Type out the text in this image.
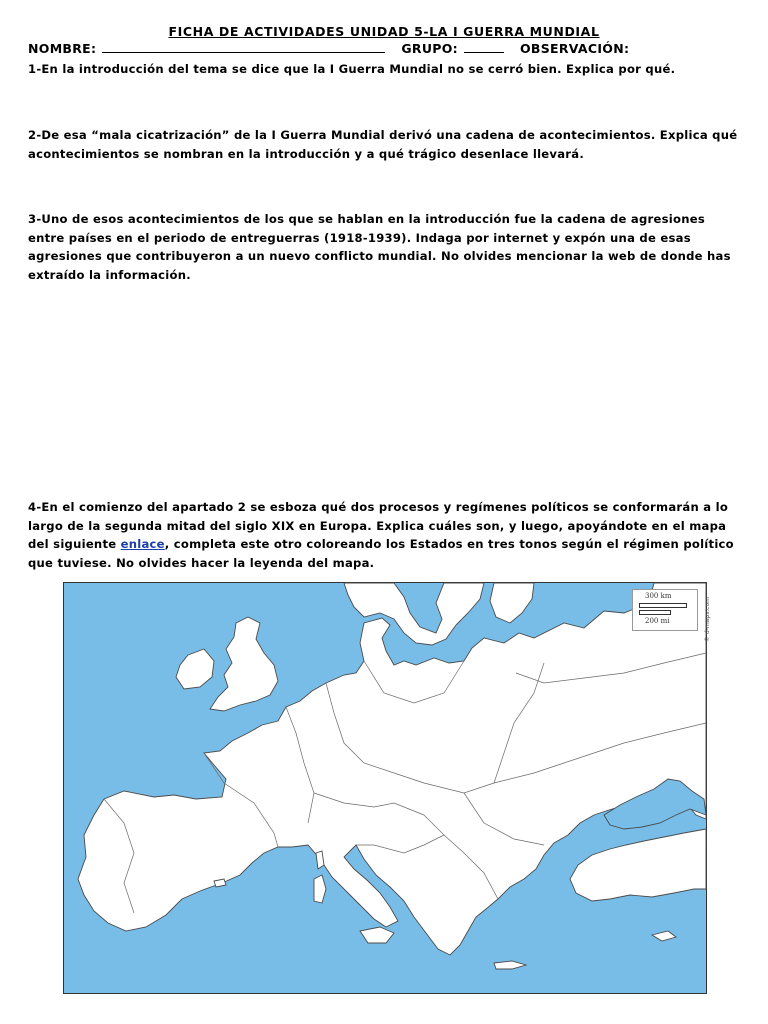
FICHA DE ACTIVIDADES UNIDAD 5-LA I GUERRA MUNDIAL

NOMBRE:	GRUPO:	OBSERVACIÓN:

1-En la introducción del tema se dice que la I Guerra Mundial no se cerró bien. Explica por qué.

2-De esa “mala cicatrización” de la I Guerra Mundial derivó una cadena de acontecimientos. Explica qué acontecimientos se nombran en la introducción y a qué trágico desenlace llevará.

3-Uno de esos acontecimientos de los que se hablan en la introducción fue la cadena de agresiones entre países en el periodo de entreguerras (1918-1939). Indaga por internet y expón una de esas agresiones que contribuyeron a un nuevo conflicto mundial. No olvides mencionar la web de donde has extraído la información.

4-En el comienzo del apartado 2 se esboza qué dos procesos y regímenes políticos se conformarán a lo largo de la segunda mitad del siglo XIX en Europa. Explica cuáles son, y luego, apoyándote en el mapa del siguiente enlace, completa este otro coloreando los Estados en tres tonos según el régimen político que tuviese. No olvides hacer la leyenda del mapa.

300 km
200 mi	© d-maps.com
